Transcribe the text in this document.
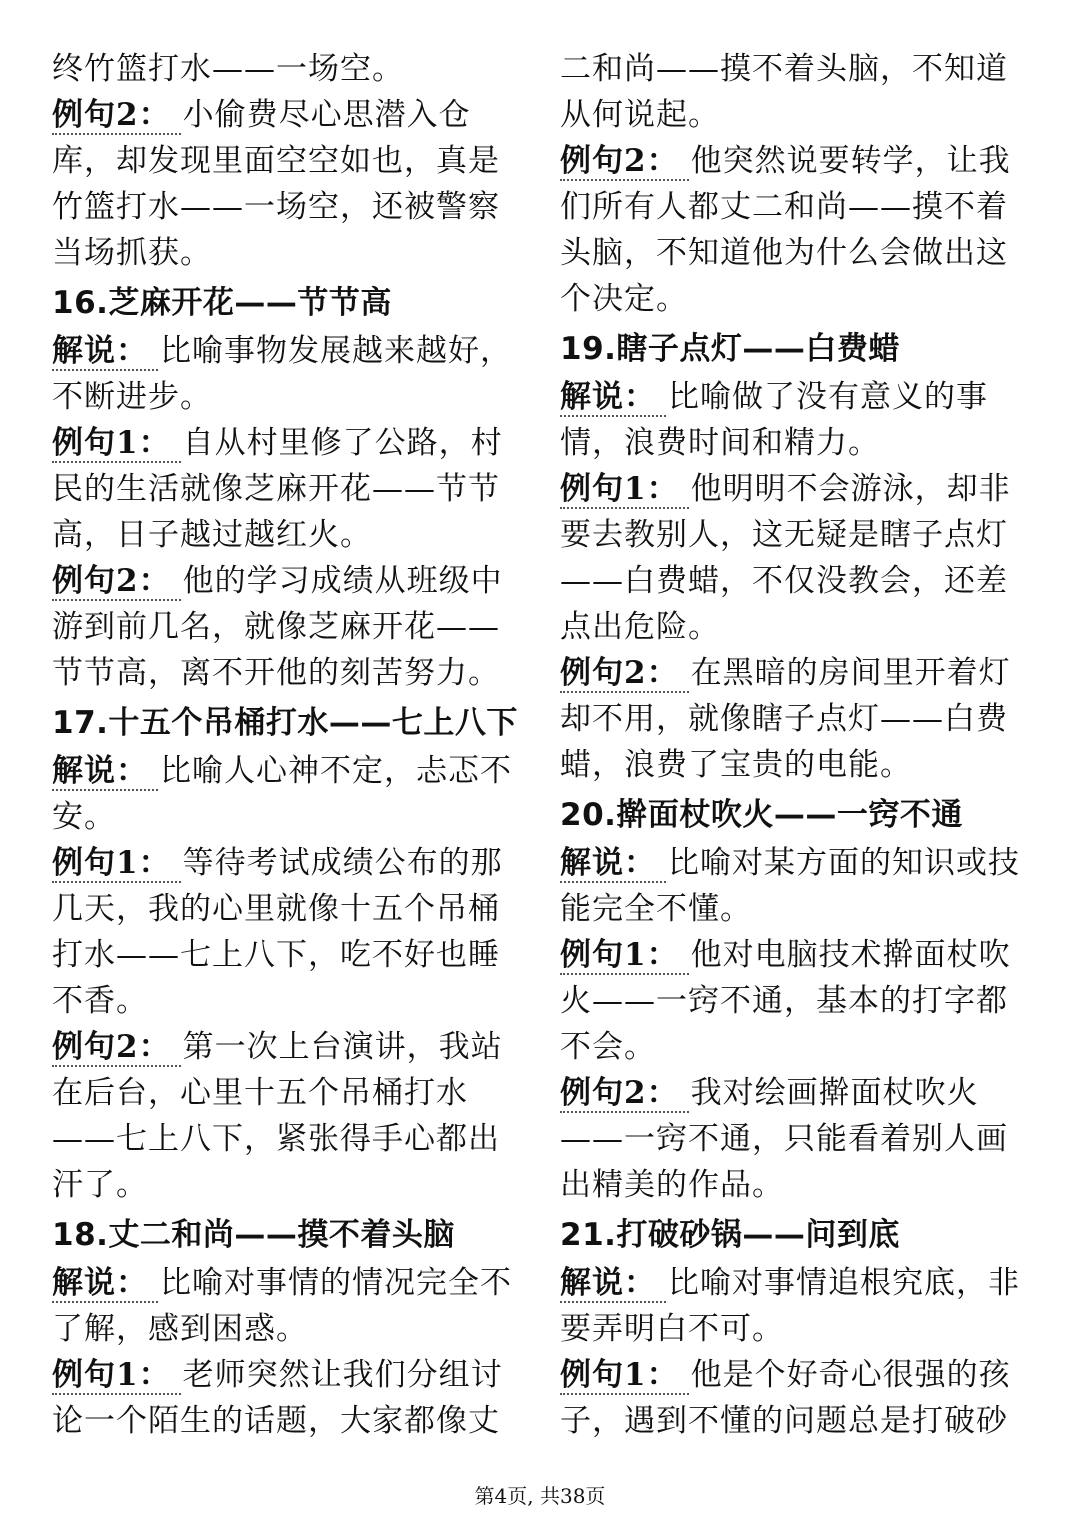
终竹篮打水——一场空。

例句2： 小偷费尽心思潜入仓库，却发现里面空空如也，真是竹篮打水——一场空，还被警察当场抓获。

16.芝麻开花——节节高

解说： 比喻事物发展越来越好，不断进步。

例句1： 自从村里修了公路，村民的生活就像芝麻开花——节节高，日子越过越红火。

例句2： 他的学习成绩从班级中游到前几名，就像芝麻开花——节节高，离不开他的刻苦努力。

17.十五个吊桶打水——七上八下

解说： 比喻人心神不定，忐忑不安。

例句1： 等待考试成绩公布的那几天，我的心里就像十五个吊桶打水——七上八下，吃不好也睡不香。

例句2： 第一次上台演讲，我站在后台，心里十五个吊桶打水——七上八下，紧张得手心都出汗了。

18.丈二和尚——摸不着头脑

解说： 比喻对事情的情况完全不了解，感到困惑。

例句1： 老师突然让我们分组讨论一个陌生的话题，大家都像丈

二和尚——摸不着头脑，不知道从何说起。

例句2： 他突然说要转学，让我们所有人都丈二和尚——摸不着头脑，不知道他为什么会做出这个决定。

19.瞎子点灯——白费蜡

解说： 比喻做了没有意义的事情，浪费时间和精力。

例句1： 他明明不会游泳，却非要去教别人，这无疑是瞎子点灯——白费蜡，不仅没教会，还差点出危险。

例句2： 在黑暗的房间里开着灯却不用，就像瞎子点灯——白费蜡，浪费了宝贵的电能。

20.擀面杖吹火——一窍不通

解说： 比喻对某方面的知识或技能完全不懂。

例句1： 他对电脑技术擀面杖吹火——一窍不通，基本的打字都不会。

例句2： 我对绘画擀面杖吹火——一窍不通，只能看着别人画出精美的作品。

21.打破砂锅——问到底

解说： 比喻对事情追根究底，非要弄明白不可。

例句1： 他是个好奇心很强的孩子，遇到不懂的问题总是打破砂

第4页, 共38页
